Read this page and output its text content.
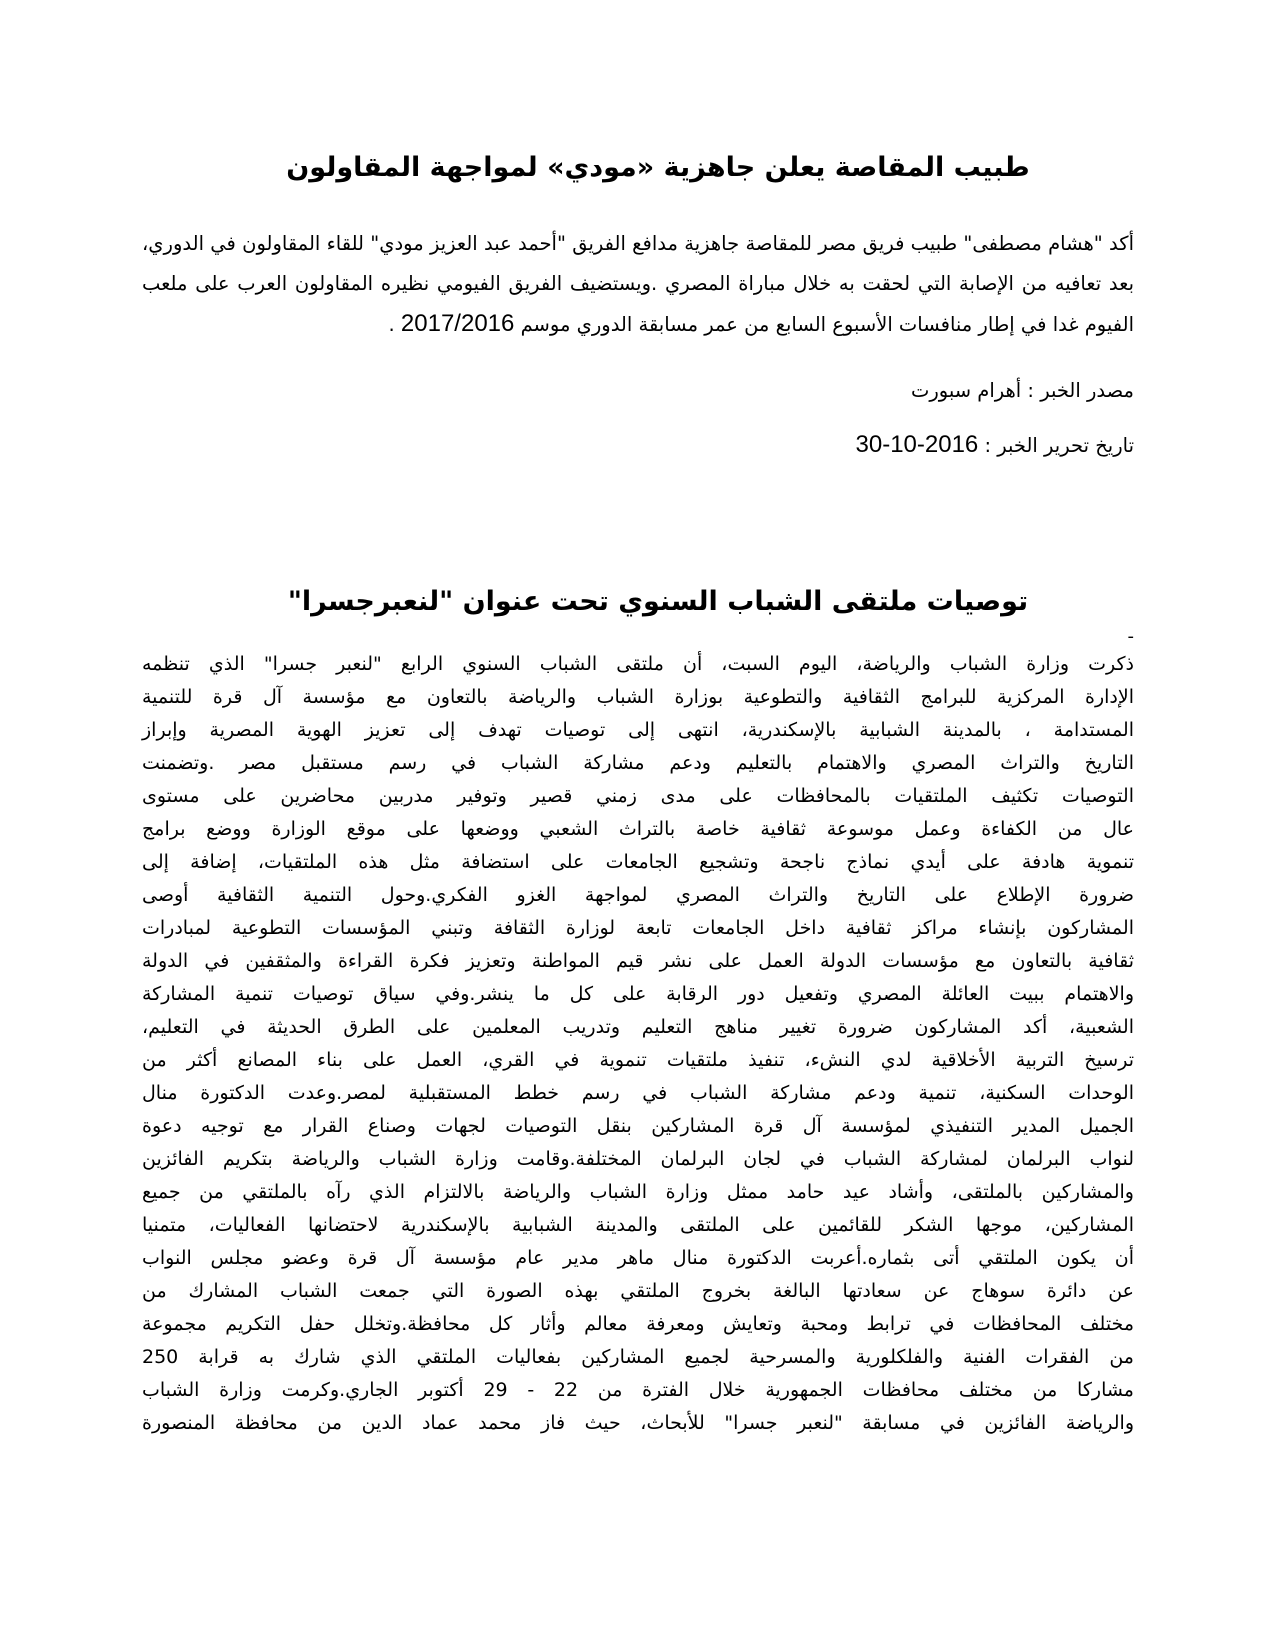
طبيب المقاصة يعلن جاهزية «مودي» لمواجهة المقاولون

أكد "هشام مصطفى" طبيب فريق مصر للمقاصة جاهزية مدافع الفريق "أحمد عبد العزيز مودي" للقاء المقاولون في الدوري، بعد تعافيه من الإصابة التي لحقت به خلال مباراة المصري .ويستضيف الفريق الفيومي نظيره المقاولون العرب على ملعب الفيوم غدا في إطار منافسات الأسبوع السابع من عمر مسابقة الدوري موسم 2017/2016 .

مصدر الخبر : أهرام سبورت

تاريخ تحرير الخبر : 2016-10-30

توصيات ملتقى الشباب السنوي تحت عنوان "لنعبرجسرا"

-

ذكرت وزارة الشباب والرياضة، اليوم السبت، أن ملتقى الشباب السنوي الرابع "لنعبر جسرا" الذي تنظمه

الإدارة المركزية للبرامج الثقافية والتطوعية بوزارة الشباب والرياضة بالتعاون مع مؤسسة آل قرة للتنمية

المستدامة ، بالمدينة الشبابية بالإسكندرية، انتهى إلى توصيات تهدف إلى تعزيز الهوية المصرية وإبراز

التاريخ والتراث المصري والاهتمام بالتعليم ودعم مشاركة الشباب في رسم مستقبل مصر .وتضمنت

التوصيات تكثيف الملتقيات بالمحافظات على مدى زمني قصير وتوفير مدربين محاضرين على مستوى

عال من الكفاءة وعمل موسوعة ثقافية خاصة بالتراث الشعبي ووضعها على موقع الوزارة ووضع برامج

تنموية هادفة على أيدي نماذج ناجحة وتشجيع الجامعات على استضافة مثل هذه الملتقيات، إضافة إلى

ضرورة الإطلاع على التاريخ والتراث المصري لمواجهة الغزو الفكري.وحول التنمية الثقافية أوصى

المشاركون بإنشاء مراكز ثقافية داخل الجامعات تابعة لوزارة الثقافة وتبني المؤسسات التطوعية لمبادرات

ثقافية بالتعاون مع مؤسسات الدولة العمل على نشر قيم المواطنة وتعزيز فكرة القراءة والمثقفين في الدولة

والاهتمام ببيت العائلة المصري وتفعيل دور الرقابة على كل ما ينشر.وفي سياق توصيات تنمية المشاركة

الشعبية، أكد المشاركون ضرورة تغيير مناهج التعليم وتدريب المعلمين على الطرق الحديثة في التعليم،

ترسيخ التربية الأخلاقية لدي النشء، تنفيذ ملتقيات تنموية في القري، العمل على بناء المصانع أكثر من

الوحدات السكنية، تنمية ودعم مشاركة الشباب في رسم خطط المستقبلية لمصر.وعدت الدكتورة منال

الجميل المدير التنفيذي لمؤسسة آل قرة المشاركين بنقل التوصيات لجهات وصناع القرار مع توجيه دعوة

لنواب البرلمان لمشاركة الشباب في لجان البرلمان المختلفة.وقامت وزارة الشباب والرياضة بتكريم الفائزين

والمشاركين بالملتقى، وأشاد عيد حامد ممثل وزارة الشباب والرياضة بالالتزام الذي رآه بالملتقي من جميع

المشاركين، موجها الشكر للقائمين على الملتقى والمدينة الشبابية بالإسكندرية لاحتضانها الفعاليات، متمنيا

أن يكون الملتقي أتى بثماره.أعربت الدكتورة منال ماهر مدير عام مؤسسة آل قرة وعضو مجلس النواب

عن دائرة سوهاج عن سعادتها البالغة بخروج الملتقي بهذه الصورة التي جمعت الشباب المشارك من

مختلف المحافظات في ترابط ومحبة وتعايش ومعرفة معالم وأثار كل محافظة.وتخلل حفل التكريم مجموعة

من الفقرات الفنية والفلكلورية والمسرحية لجميع المشاركين بفعاليات الملتقي الذي شارك به قرابة 250

مشاركا من مختلف محافظات الجمهورية خلال الفترة من 22 - 29 أكتوبر الجاري.وكرمت وزارة الشباب

والرياضة الفائزين في مسابقة "لنعبر جسرا" للأبحاث، حيث فاز محمد عماد الدين من محافظة المنصورة
